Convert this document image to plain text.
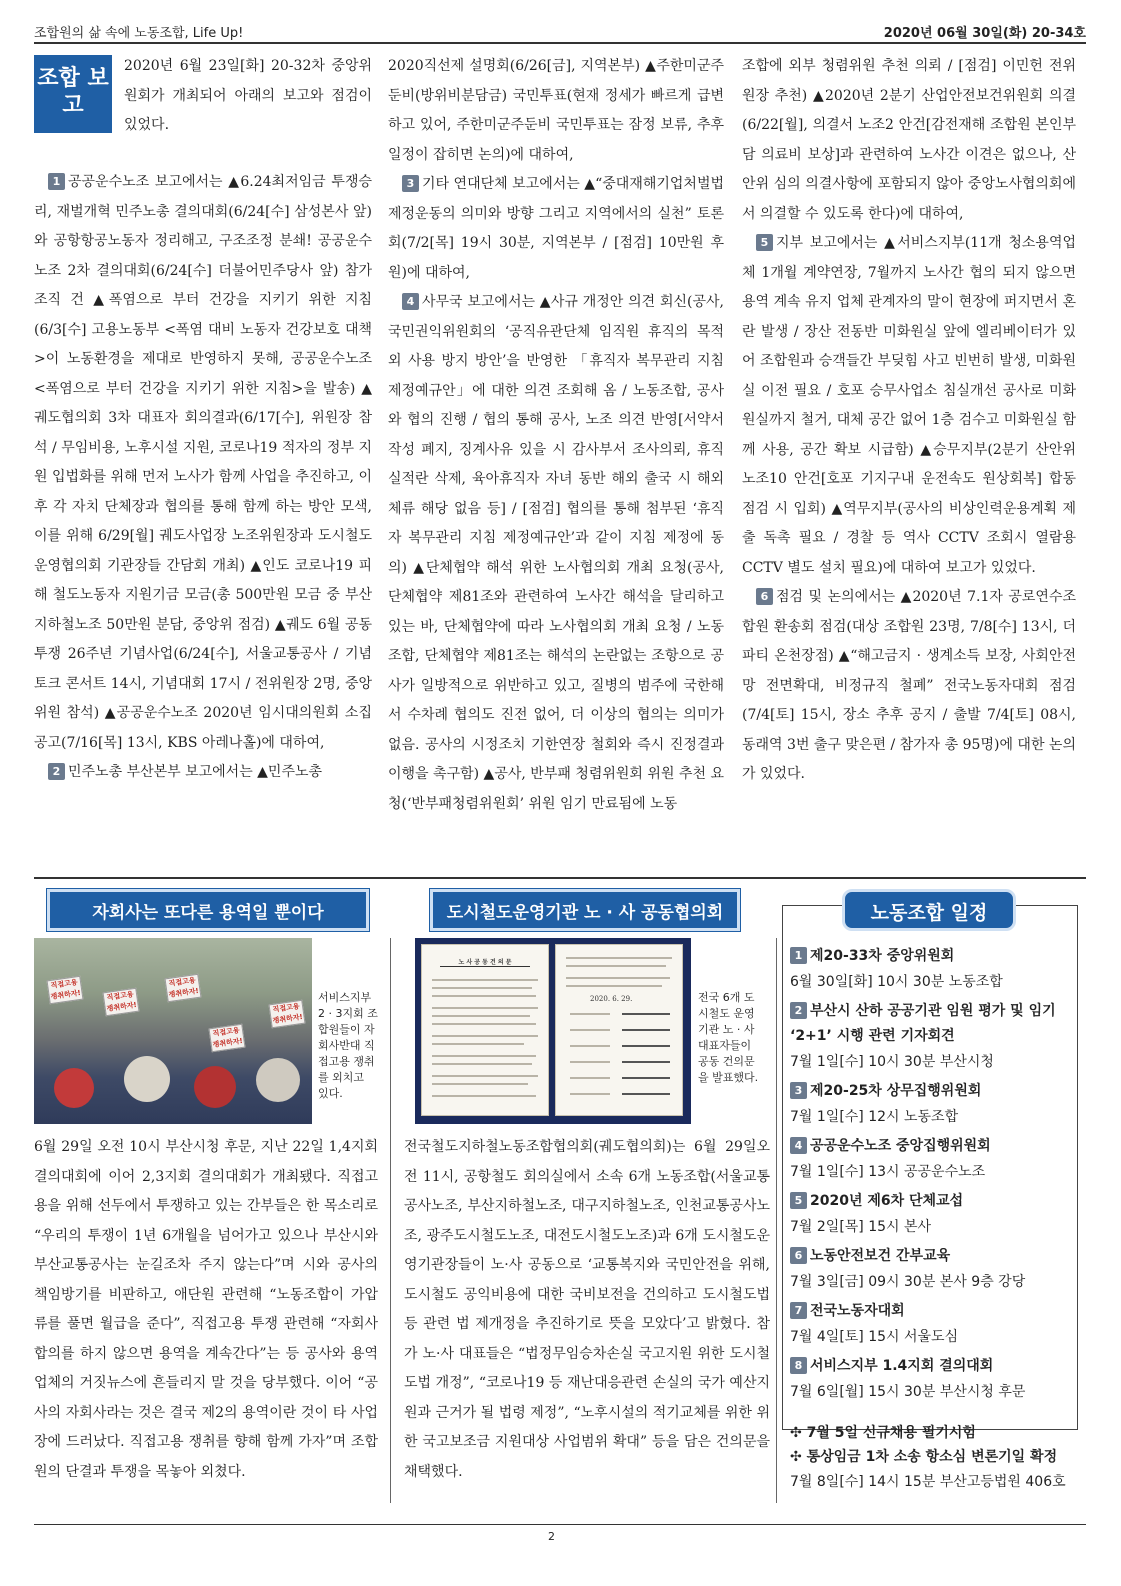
조합원의 삶 속에 노동조합, Life Up!	2020년 06월 30일(화) 20-34호
조합 보고
2020년 6월 23일[화] 20-32차 중앙위원회가 개최되어 아래의 보고와 점검이 있었다.

1 공공운수노조 보고에서는 ▲6.24최저임금 투쟁승리, 재벌개혁 민주노총 결의대회(6/24[수] 삼성본사 앞)와 공항항공노동자 정리해고, 구조조정 분쇄! 공공운수노조 2차 결의대회(6/24[수] 더불어민주당사 앞) 참가 조직 건 ▲폭염으로 부터 건강을 지키기 위한 지침(6/3[수] 고용노동부 <폭염 대비 노동자 건강보호 대책>이 노동환경을 제대로 반영하지 못해, 공공운수노조 <폭염으로 부터 건강을 지키기 위한 지침>을 발송) ▲궤도협의회 3차 대표자 회의결과(6/17[수], 위원장 참석 / 무임비용, 노후시설 지원, 코로나19 적자의 정부 지원 입법화를 위해 먼저 노사가 함께 사업을 추진하고, 이후 각 자치 단체장과 협의를 통해 함께 하는 방안 모색, 이를 위해 6/29[월] 궤도사업장 노조위원장과 도시철도운영협의회 기관장들 간담회 개최) ▲인도 코로나19 피해 철도노동자 지원기금 모금(총 500만원 모금 중 부산지하철노조 50만원 분담, 중앙위 점검) ▲궤도 6월 공동투쟁 26주년 기념사업(6/24[수], 서울교통공사 / 기념토크 콘서트 14시, 기념대회 17시 / 전위원장 2명, 중앙위원 참석) ▲공공운수노조 2020년 임시대의원회 소집 공고(7/16[목] 13시, KBS 아레나홀)에 대하여,

2 민주노총 부산본부 보고에서는 ▲민주노총

2020직선제 설명회(6/26[금], 지역본부) ▲주한미군주둔비(방위비분담금) 국민투표(현재 정세가 빠르게 급변하고 있어, 주한미군주둔비 국민투표는 잠정 보류, 추후 일정이 잡히면 논의)에 대하여,

3 기타 연대단체 보고에서는 ▲“중대재해기업처벌법제정운동의 의미와 방향 그리고 지역에서의 실천” 토론회(7/2[목] 19시 30분, 지역본부 / [점검] 10만원 후원)에 대하여,

4 사무국 보고에서는 ▲사규 개정안 의견 회신(공사, 국민권익위원회의 ‘공직유관단체 임직원 휴직의 목적 외 사용 방지 방안’을 반영한 「휴직자 복무관리 지침 제정예규안」에 대한 의견 조회해 옴 / 노동조합, 공사와 협의 진행 / 협의 통해 공사, 노조 의견 반영[서약서 작성 폐지, 징계사유 있을 시 감사부서 조사의뢰, 휴직실적란 삭제, 육아휴직자 자녀 동반 해외 출국 시 해외체류 해당 없음 등] / [점검] 협의를 통해 첨부된 ‘휴직자 복무관리 지침 제정예규안’과 같이 지침 제정에 동의) ▲단체협약 해석 위한 노사협의회 개최 요청(공사, 단체협약 제81조와 관련하여 노사간 해석을 달리하고 있는 바, 단체협약에 따라 노사협의회 개최 요청 / 노동조합, 단체협약 제81조는 해석의 논란없는 조항으로 공사가 일방적으로 위반하고 있고, 질병의 범주에 국한해서 수차례 협의도 진전 없어, 더 이상의 협의는 의미가 없음. 공사의 시정조치 기한연장 철회와 즉시 진정결과 이행을 촉구함) ▲공사, 반부패 청렴위원회 위원 추천 요청(‘반부패청렴위원회’ 위원 임기 만료됨에 노동

조합에 외부 청렴위원 추천 의뢰 / [점검] 이민헌 전위원장 추천) ▲2020년 2분기 산업안전보건위원회 의결(6/22[월], 의결서 노조2 안건[감전재해 조합원 본인부담 의료비 보상]과 관련하여 노사간 이견은 없으나, 산안위 심의 의결사항에 포함되지 않아 중앙노사협의회에서 의결할 수 있도록 한다)에 대하여,

5 지부 보고에서는 ▲서비스지부(11개 청소용역업체 1개월 계약연장, 7월까지 노사간 협의 되지 않으면 용역 계속 유지 업체 관계자의 말이 현장에 퍼지면서 혼란 발생 / 장산 전동반 미화원실 앞에 엘리베이터가 있어 조합원과 승객들간 부딪힘 사고 빈번히 발생, 미화원실 이전 필요 / 호포 승무사업소 침실개선 공사로 미화원실까지 철거, 대체 공간 없어 1층 검수고 미화원실 함께 사용, 공간 확보 시급함) ▲승무지부(2분기 산안위 노조10 안건[호포 기지구내 운전속도 원상회복] 합동 점검 시 입회) ▲역무지부(공사의 비상인력운용계획 제출 독촉 필요 / 경찰 등 역사 CCTV 조회시 열람용 CCTV 별도 설치 필요)에 대하여 보고가 있었다.

6 점검 및 논의에서는 ▲2020년 7.1자 공로연수조합원 환송회 점검(대상 조합원 23명, 7/8[수] 13시, 더파티 온천장점) ▲“해고금지 · 생계소득 보장, 사회안전망 전면확대, 비정규직 철폐” 전국노동자대회 점검(7/4[토] 15시, 장소 추후 공지 / 출발 7/4[토] 08시, 동래역 3번 출구 맞은편 / 참가자 총 95명)에 대한 논의가 있었다.

자회사는 또다른 용역일 뿐이다
직접고용 쟁취하자!	직접고용 쟁취하자!
직접고용 쟁취하자!
직접고용 쟁취하자!
직접고용 쟁취하자!
서비스지부 2 · 3지회 조합원들이 자회사반대 직접고용 쟁취를 외치고 있다.
6월 29일 오전 10시 부산시청 후문, 지난 22일 1,4지회 결의대회에 이어 2,3지회 결의대회가 개최됐다. 직접고용을 위해 선두에서 투쟁하고 있는 간부들은 한 목소리로 “우리의 투쟁이 1년 6개월을 넘어가고 있으나 부산시와 부산교통공사는 눈길조차 주지 않는다”며 시와 공사의 책임방기를 비판하고, 애단원 관련해 “노동조합이 가압류를 풀면 월급을 준다”, 직접고용 투쟁 관련해 “자회사 합의를 하지 않으면 용역을 계속간다”는 등 공사와 용역업체의 거짓뉴스에 흔들리지 말 것을 당부했다. 이어 “공사의 자회사라는 것은 결국 제2의 용역이란 것이 타 사업장에 드러났다. 직접고용 쟁취를 향해 함께 가자”며 조합원의 단결과 투쟁을 목놓아 외쳤다.
도시철도운영기관 노 · 사 공동협의회
노 사 공 동 건 의 문
2020. 6. 29.	전국 6개 도시철도 운영기관 노 · 사 대표자들이 공동 건의문을 발표했다.
전국철도지하철노동조합협의회(궤도협의회)는 6월 29일오전 11시, 공항철도 회의실에서 소속 6개 노동조합(서울교통공사노조, 부산지하철노조, 대구지하철노조, 인천교통공사노조, 광주도시철도노조, 대전도시철도노조)과 6개 도시철도운영기관장들이 노·사 공동으로 ‘교통복지와 국민안전을 위해, 도시철도 공익비용에 대한 국비보전을 건의하고 도시철도법 등 관련 법 제개정을 추진하기로 뜻을 모았다’고 밝혔다. 참가 노·사 대표들은 “법정무임승차손실 국고지원 위한 도시철도법 개정”, “코로나19 등 재난대응관련 손실의 국가 예산지원과 근거가 될 법령 제정”, “노후시설의 적기교체를 위한 위한 국고보조금 지원대상 사업범위 확대” 등을 담은 건의문을 채택했다.
노동조합 일정
1 제20-33차 중앙위원회
6월 30일[화] 10시 30분 노동조합
2 부산시 산하 공공기관 임원 평가 및 임기 ‘2+1’ 시행 관련 기자회견
7월 1일[수] 10시 30분 부산시청
3 제20-25차 상무집행위원회
7월 1일[수] 12시 노동조합
4 공공운수노조 중앙집행위원회
7월 1일[수] 13시 공공운수노조
5 2020년 제6차 단체교섭
7월 2일[목] 15시 본사
6 노동안전보건 간부교육
7월 3일[금] 09시 30분 본사 9층 강당
7 전국노동자대회
7월 4일[토] 15시 서울도심
8 서비스지부 1.4지회 결의대회
7월 6일[월] 15시 30분 부산시청 후문
✣ 7월 5일 신규채용 필기시험
✣ 통상임금 1차 소송 항소심 변론기일 확정
7월 8일[수] 14시 15분 부산고등법원 406호
2
